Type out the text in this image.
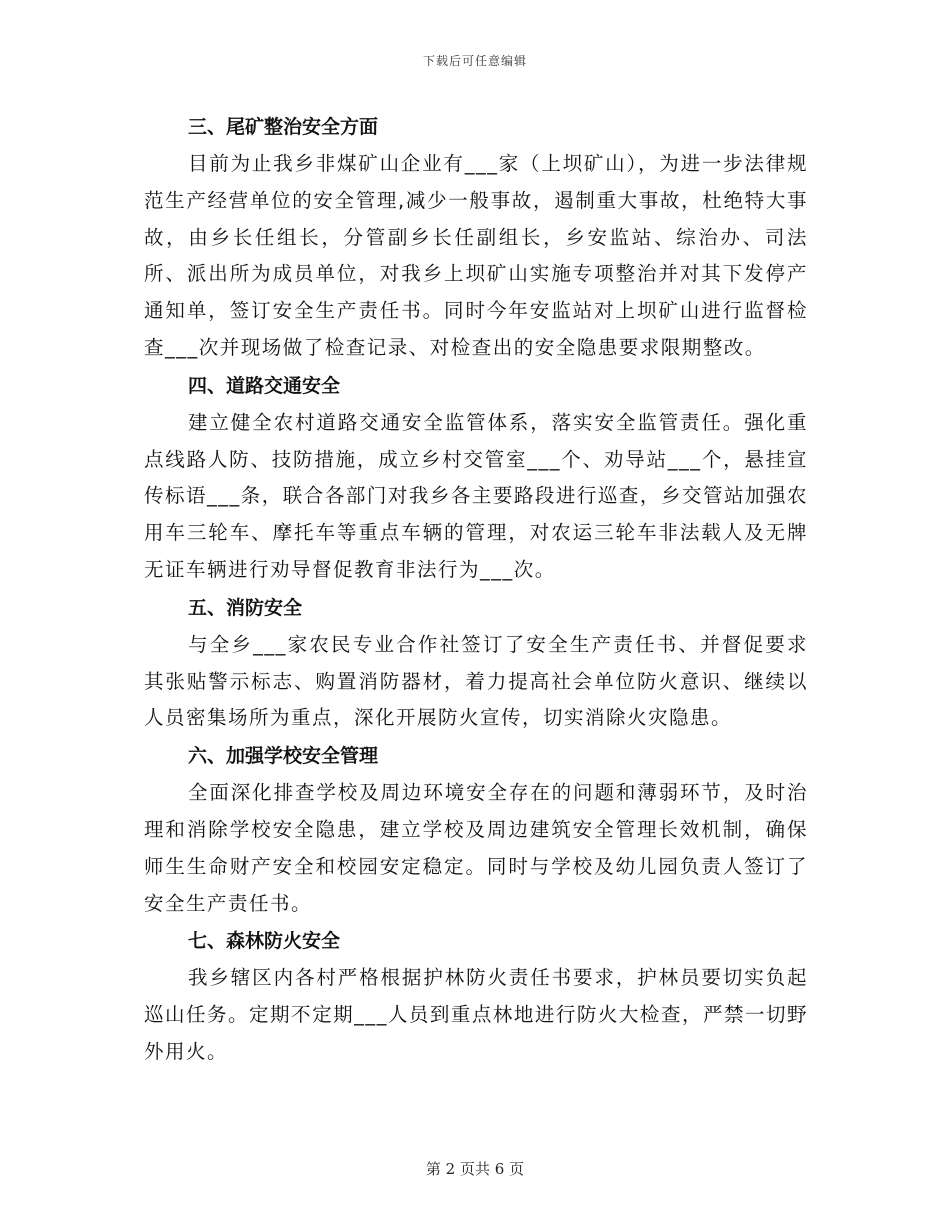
下载后可任意编辑
三、尾矿整治安全方面

目前为止我乡非煤矿山企业有___家（上坝矿山），为进一步法律规范生产经营单位的安全管理,减少一般事故，遏制重大事故，杜绝特大事故，由乡长任组长，分管副乡长任副组长，乡安监站、综治办、司法所、派出所为成员单位，对我乡上坝矿山实施专项整治并对其下发停产通知单，签订安全生产责任书。同时今年安监站对上坝矿山进行监督检查___次并现场做了检查记录、对检查出的安全隐患要求限期整改。

四、道路交通安全

建立健全农村道路交通安全监管体系，落实安全监管责任。强化重点线路人防、技防措施，成立乡村交管室___个、劝导站___个，悬挂宣传标语___条，联合各部门对我乡各主要路段进行巡查，乡交管站加强农用车三轮车、摩托车等重点车辆的管理，对农运三轮车非法载人及无牌无证车辆进行劝导督促教育非法行为___次。

五、消防安全

与全乡___家农民专业合作社签订了安全生产责任书、并督促要求其张贴警示标志、购置消防器材，着力提高社会单位防火意识、继续以人员密集场所为重点，深化开展防火宣传，切实消除火灾隐患。

六、加强学校安全管理

全面深化排查学校及周边环境安全存在的问题和薄弱环节，及时治理和消除学校安全隐患，建立学校及周边建筑安全管理长效机制，确保师生生命财产安全和校园安定稳定。同时与学校及幼儿园负责人签订了安全生产责任书。

七、森林防火安全

我乡辖区内各村严格根据护林防火责任书要求，护林员要切实负起巡山任务。定期不定期___人员到重点林地进行防火大检查，严禁一切野外用火。

第 2 页共 6 页
